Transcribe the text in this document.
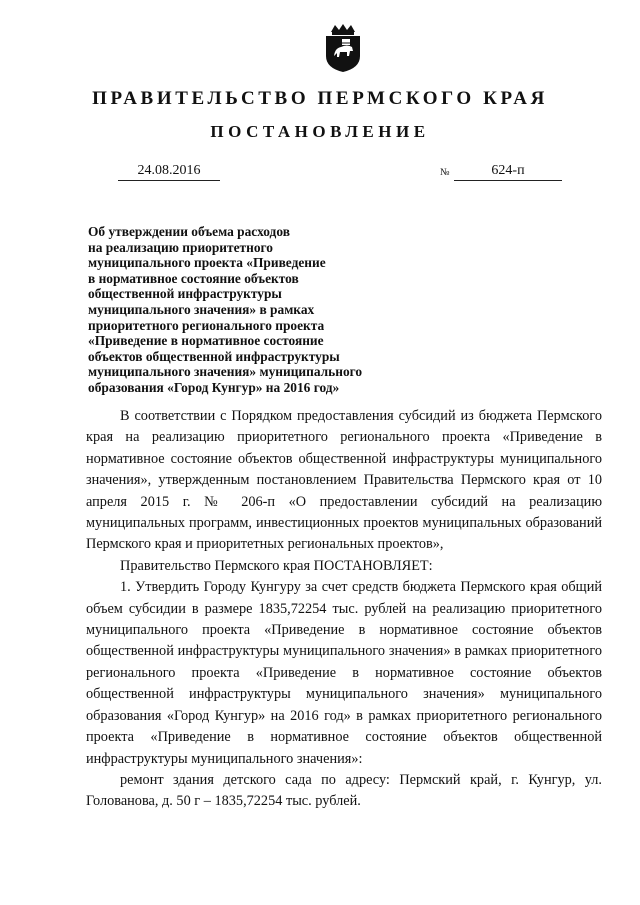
ПРАВИТЕЛЬСТВО ПЕРМСКОГО КРАЯ
ПОСТАНОВЛЕНИЕ
24.08.2016	№	624-п
Об утверждении объема расходов
на реализацию приоритетного
муниципального проекта «Приведение
в нормативное состояние объектов
общественной инфраструктуры
муниципального значения» в рамках
приоритетного регионального проекта
«Приведение в нормативное состояние
объектов общественной инфраструктуры
муниципального значения» муниципального
образования «Город Кунгур» на 2016 год»

В соответствии с Порядком предоставления субсидий из бюджета Пермского края на реализацию приоритетного регионального проекта «Приведение в нормативное состояние объектов общественной инфраструктуры муниципального значения», утвержденным постановлением Правительства Пермского края от 10 апреля 2015 г. № 206-п «О предоставлении субсидий на реализацию муниципальных программ, инвестиционных проектов муниципальных образований Пермского края и приоритетных региональных проектов»,

Правительство Пермского края ПОСТАНОВЛЯЕТ:

1. Утвердить Городу Кунгуру за счет средств бюджета Пермского края общий объем субсидии в размере 1835,72254 тыс. рублей на реализацию приоритетного муниципального проекта «Приведение в нормативное состояние объектов общественной инфраструктуры муниципального значения» в рамках приоритетного регионального проекта «Приведение в нормативное состояние объектов общественной инфраструктуры муниципального значения» муниципального образования «Город Кунгур» на 2016 год» в рамках приоритетного регионального проекта «Приведение в нормативное состояние объектов общественной инфраструктуры муниципального значения»:

ремонт здания детского сада по адресу: Пермский край, г. Кунгур, ул. Голованова, д. 50 г – 1835,72254 тыс. рублей.
